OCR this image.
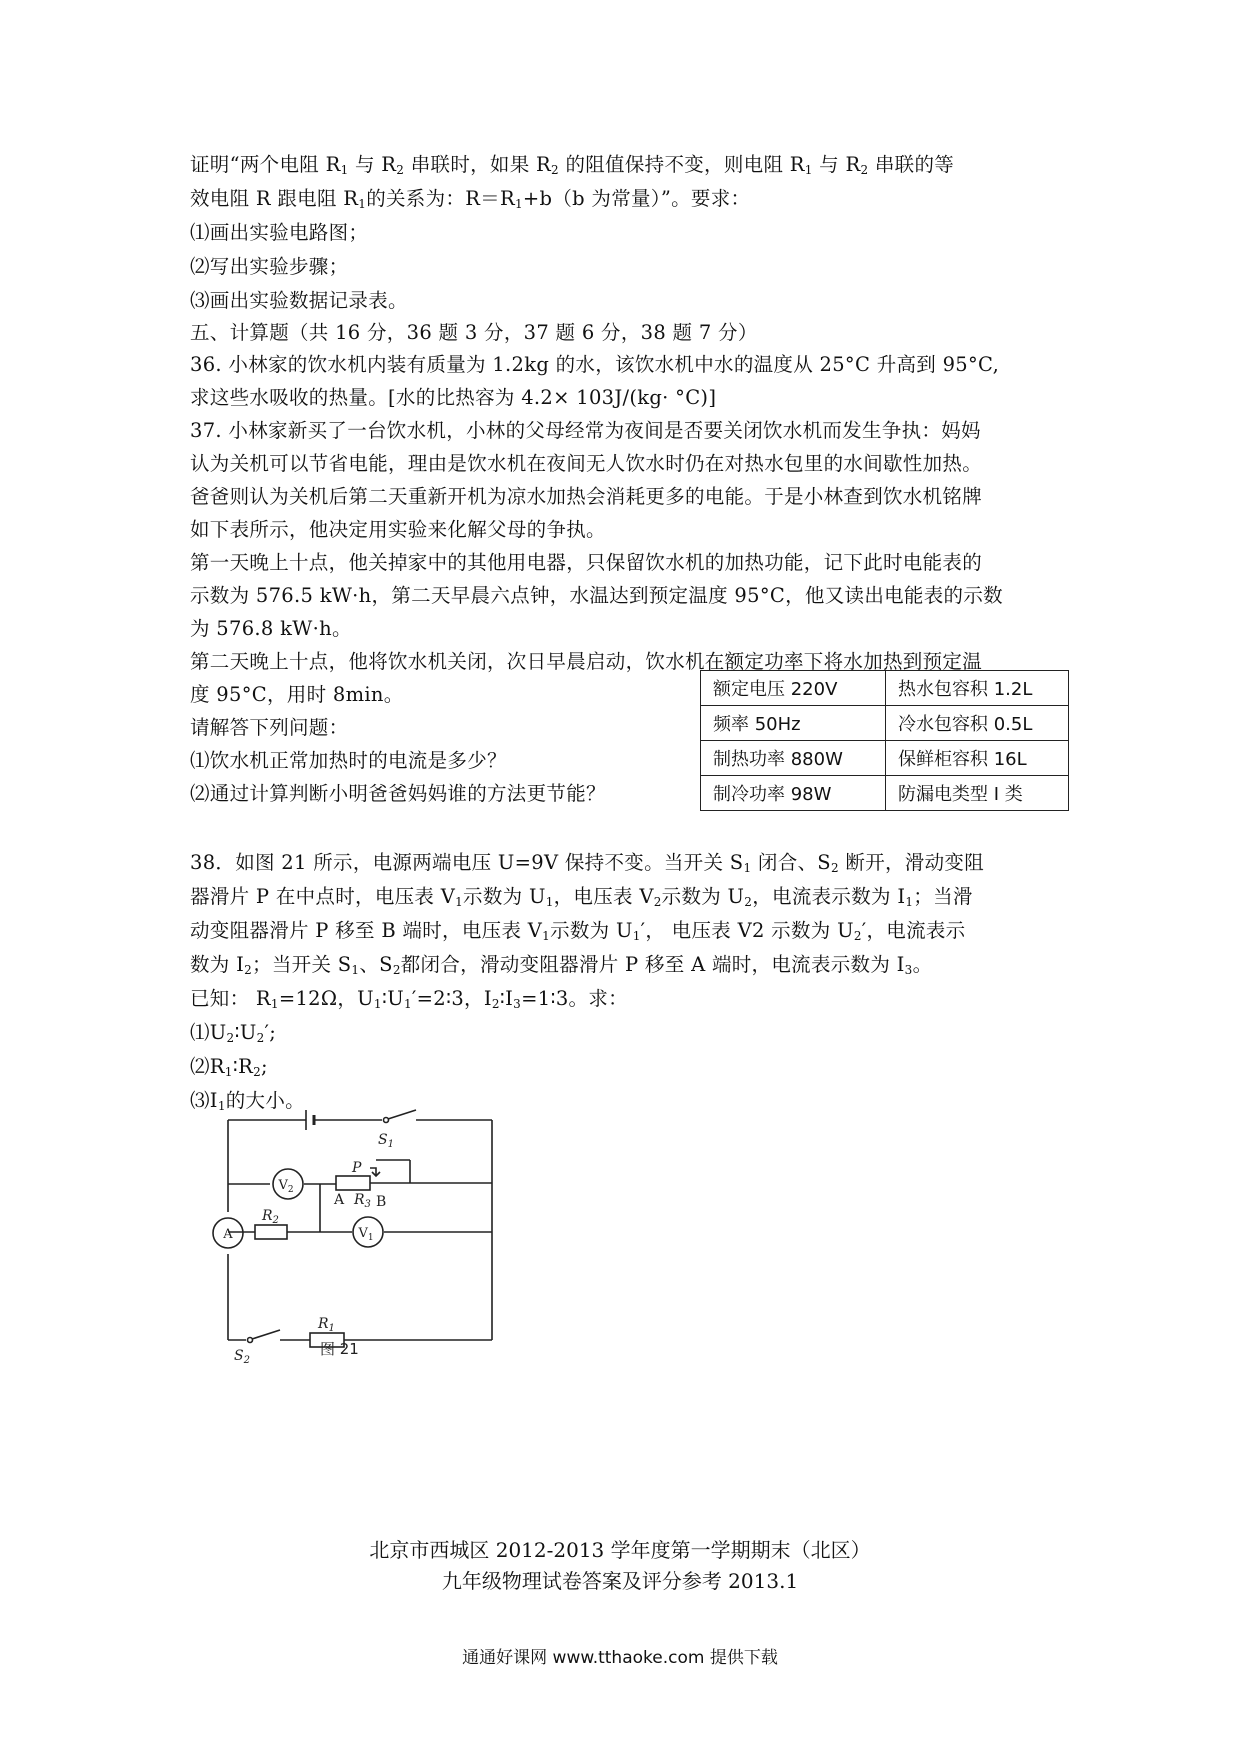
证明“两个电阻 $R_1$ 与 $R_2$ 串联时，如果 $R_2$ 的阻值保持不变，则电阻 $R_1$ 与 $R_2$ 串联的等
效电阻 R 跟电阻 $R_1$的关系为：$R=R_1+b(b$ 为常量）”。要求：
⑴画出实验电路图；
⑵写出实验步骤；
⑶画出实验数据记录表。
五、计算题（共 16 分，36 题 3 分，37 题 6 分，38 题 7 分）
36. 小林家的饮水机内装有质量为 1.2kg 的水，该饮水机中水的温度从 25°C 升高到 95°C,
求这些水吸收的热量。[水的比热容为 4.2× 103J/(kg· °C)]
37. 小林家新买了一台饮水机，小林的父母经常为夜间是否要关闭饮水机而发生争执：妈妈
认为关机可以节省电能，理由是饮水机在夜间无人饮水时仍在对热水包里的水间歇性加热。
爸爸则认为关机后第二天重新开机为凉水加热会消耗更多的电能。于是小林查到饮水机铭牌
如下表所示，他决定用实验来化解父母的争执。
第一天晚上十点，他关掉家中的其他用电器，只保留饮水机的加热功能，记下此时电能表的
示数为 576.5 kW·h，第二天早晨六点钟，水温达到预定温度 95°C，他又读出电能表的示数
为 576.8 kW·h。
第二天晚上十点，他将饮水机关闭，次日早晨启动，饮水机在额定功率下将水加热到预定温
度 95°C，用时 8min。
请解答下列问题：
⑴饮水机正常加热时的电流是多少？
⑵通过计算判断小明爸爸妈妈谁的方法更节能？
额定电压 220V	热水包容积 1.2L
频率 50Hz	冷水包容积 0.5L
制热功率 880W	保鲜柜容积 16L
制冷功率 98W	防漏电类型 I 类
38．如图 21 所示，电源两端电压 U=9V 保持不变。当开关 $S_1$ 闭合、$S_2$ 断开，滑动变阻
器滑片 P 在中点时，电压表 $V_1$示数为 $U_1$，电压表 $V_2$示数为 $U_2$，电流表示数为 $I_1$；当滑
动变阻器滑片 P 移至 B 端时，电压表 $V_1$示数为 $U_1'$， 电压表 V2 示数为 $U_2'$，电流表示
数为 $I_2$；当开关 $S_1$、$S_2$都闭合，滑动变阻器滑片 P 移至 A 端时，电流表示数为 $I_3$。
已知： $R_1=12\Omega$，$U_1∶U_1'=2∶3$，$I_2∶I_3=1∶3$。求：
$⑴U_2∶U_2'$;
$⑵R_1∶R_2$;
$⑶I_1$的大小。
$S_1$
P
A B
$R_3$
$R_2$
$R_1$
$S_2$
A
$V_2$
$V_1$
图 21
北京市西城区 2012-2013 学年度第一学期期末（北区）
九年级物理试卷答案及评分参考 2013.1
通通好课网 www.tthaoke.com 提供下载
